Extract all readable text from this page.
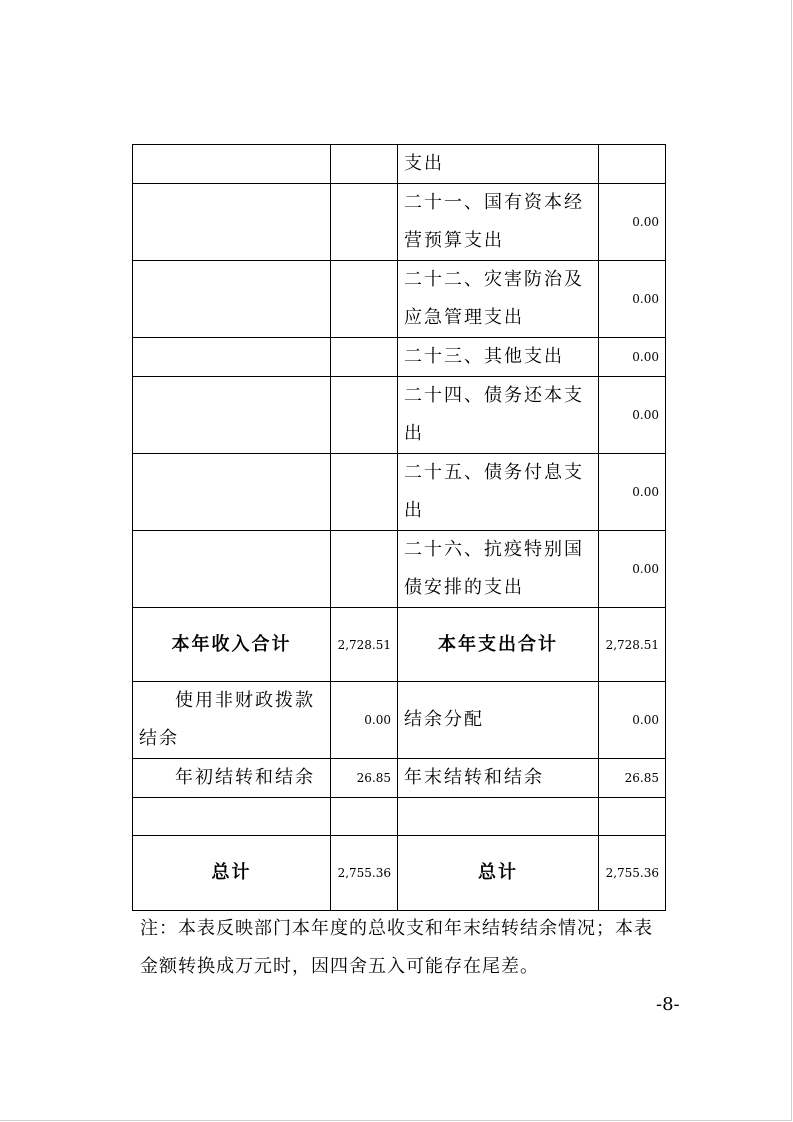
		支出	
		二十一、国有资本经营预算支出	0.00
		二十二、灾害防治及应急管理支出	0.00
		二十三、其他支出	0.00
		二十四、债务还本支出	0.00
		二十五、债务付息支出	0.00
		二十六、抗疫特别国债安排的支出	0.00
本年收入合计	2,728.51	本年支出合计	2,728.51
使用非财政拨款结余	0.00	结余分配	0.00
年初结转和结余	26.85	年末结转和结余	26.85

总计	2,755.36	总计	2,755.36

注：本表反映部门本年度的总收支和年末结转结余情况；本表金额转换成万元时，因四舍五入可能存在尾差。

-8-
